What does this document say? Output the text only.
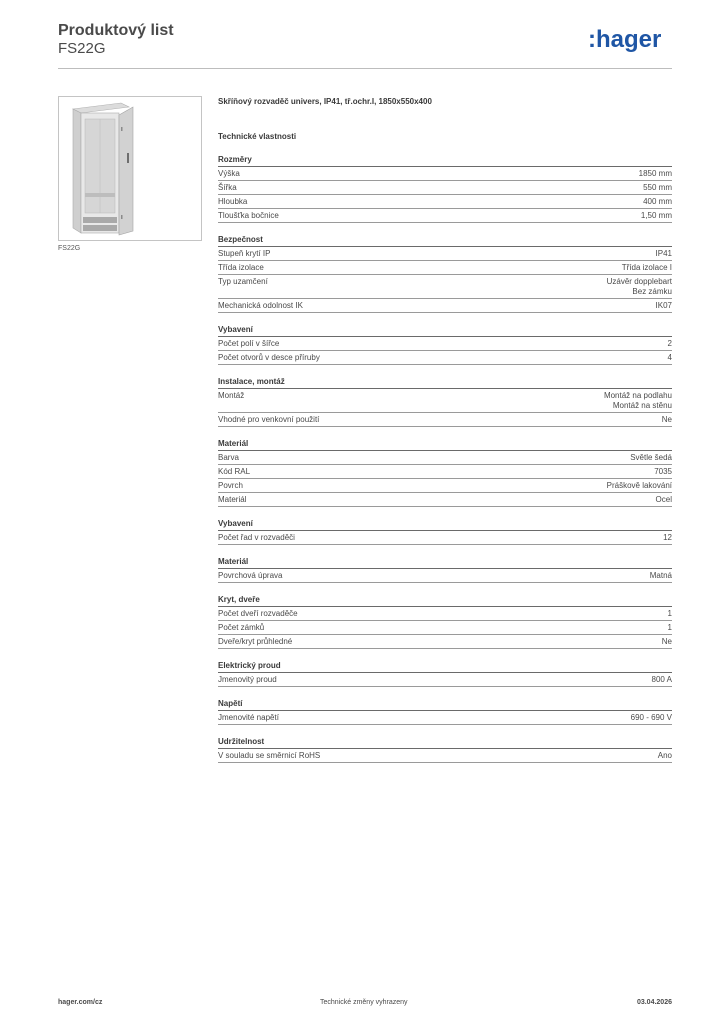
Produktový list
FS22G	:hager
FS22G
Skříňový rozvaděč univers, IP41, tř.ochr.I, 1850x550x400
Technické vlastnosti
Rozměry
Výška	1850 mm
Šířka	550 mm
Hloubka	400 mm
Tloušťka bočnice	1,50 mm
Bezpečnost
Stupeň krytí IP	IP41
Třída izolace	Třída izolace I
Typ uzamčení	Uzávěr dopplebart
Bez zámku
Mechanická odolnost IK	IK07
Vybavení
Počet polí v šířce	2
Počet otvorů v desce příruby	4
Instalace, montáž
Montáž	Montáž na podlahu
Montáž na stěnu
Vhodné pro venkovní použití	Ne
Materiál
Barva	Světle šedá
Kód RAL	7035
Povrch	Práškově lakování
Materiál	Ocel
Vybavení
Počet řad v rozvaděči	12
Materiál
Povrchová úprava	Matná
Kryt, dveře
Počet dveří rozvaděče	1
Počet zámků	1
Dveře/kryt průhledné	Ne
Elektrický proud
Jmenovitý proud	800 A
Napětí
Jmenovité napětí	690 - 690 V
Udržitelnost
V souladu se směrnicí RoHS	Ano
hager.com/cz	Technické změny vyhrazeny	03.04.2026
